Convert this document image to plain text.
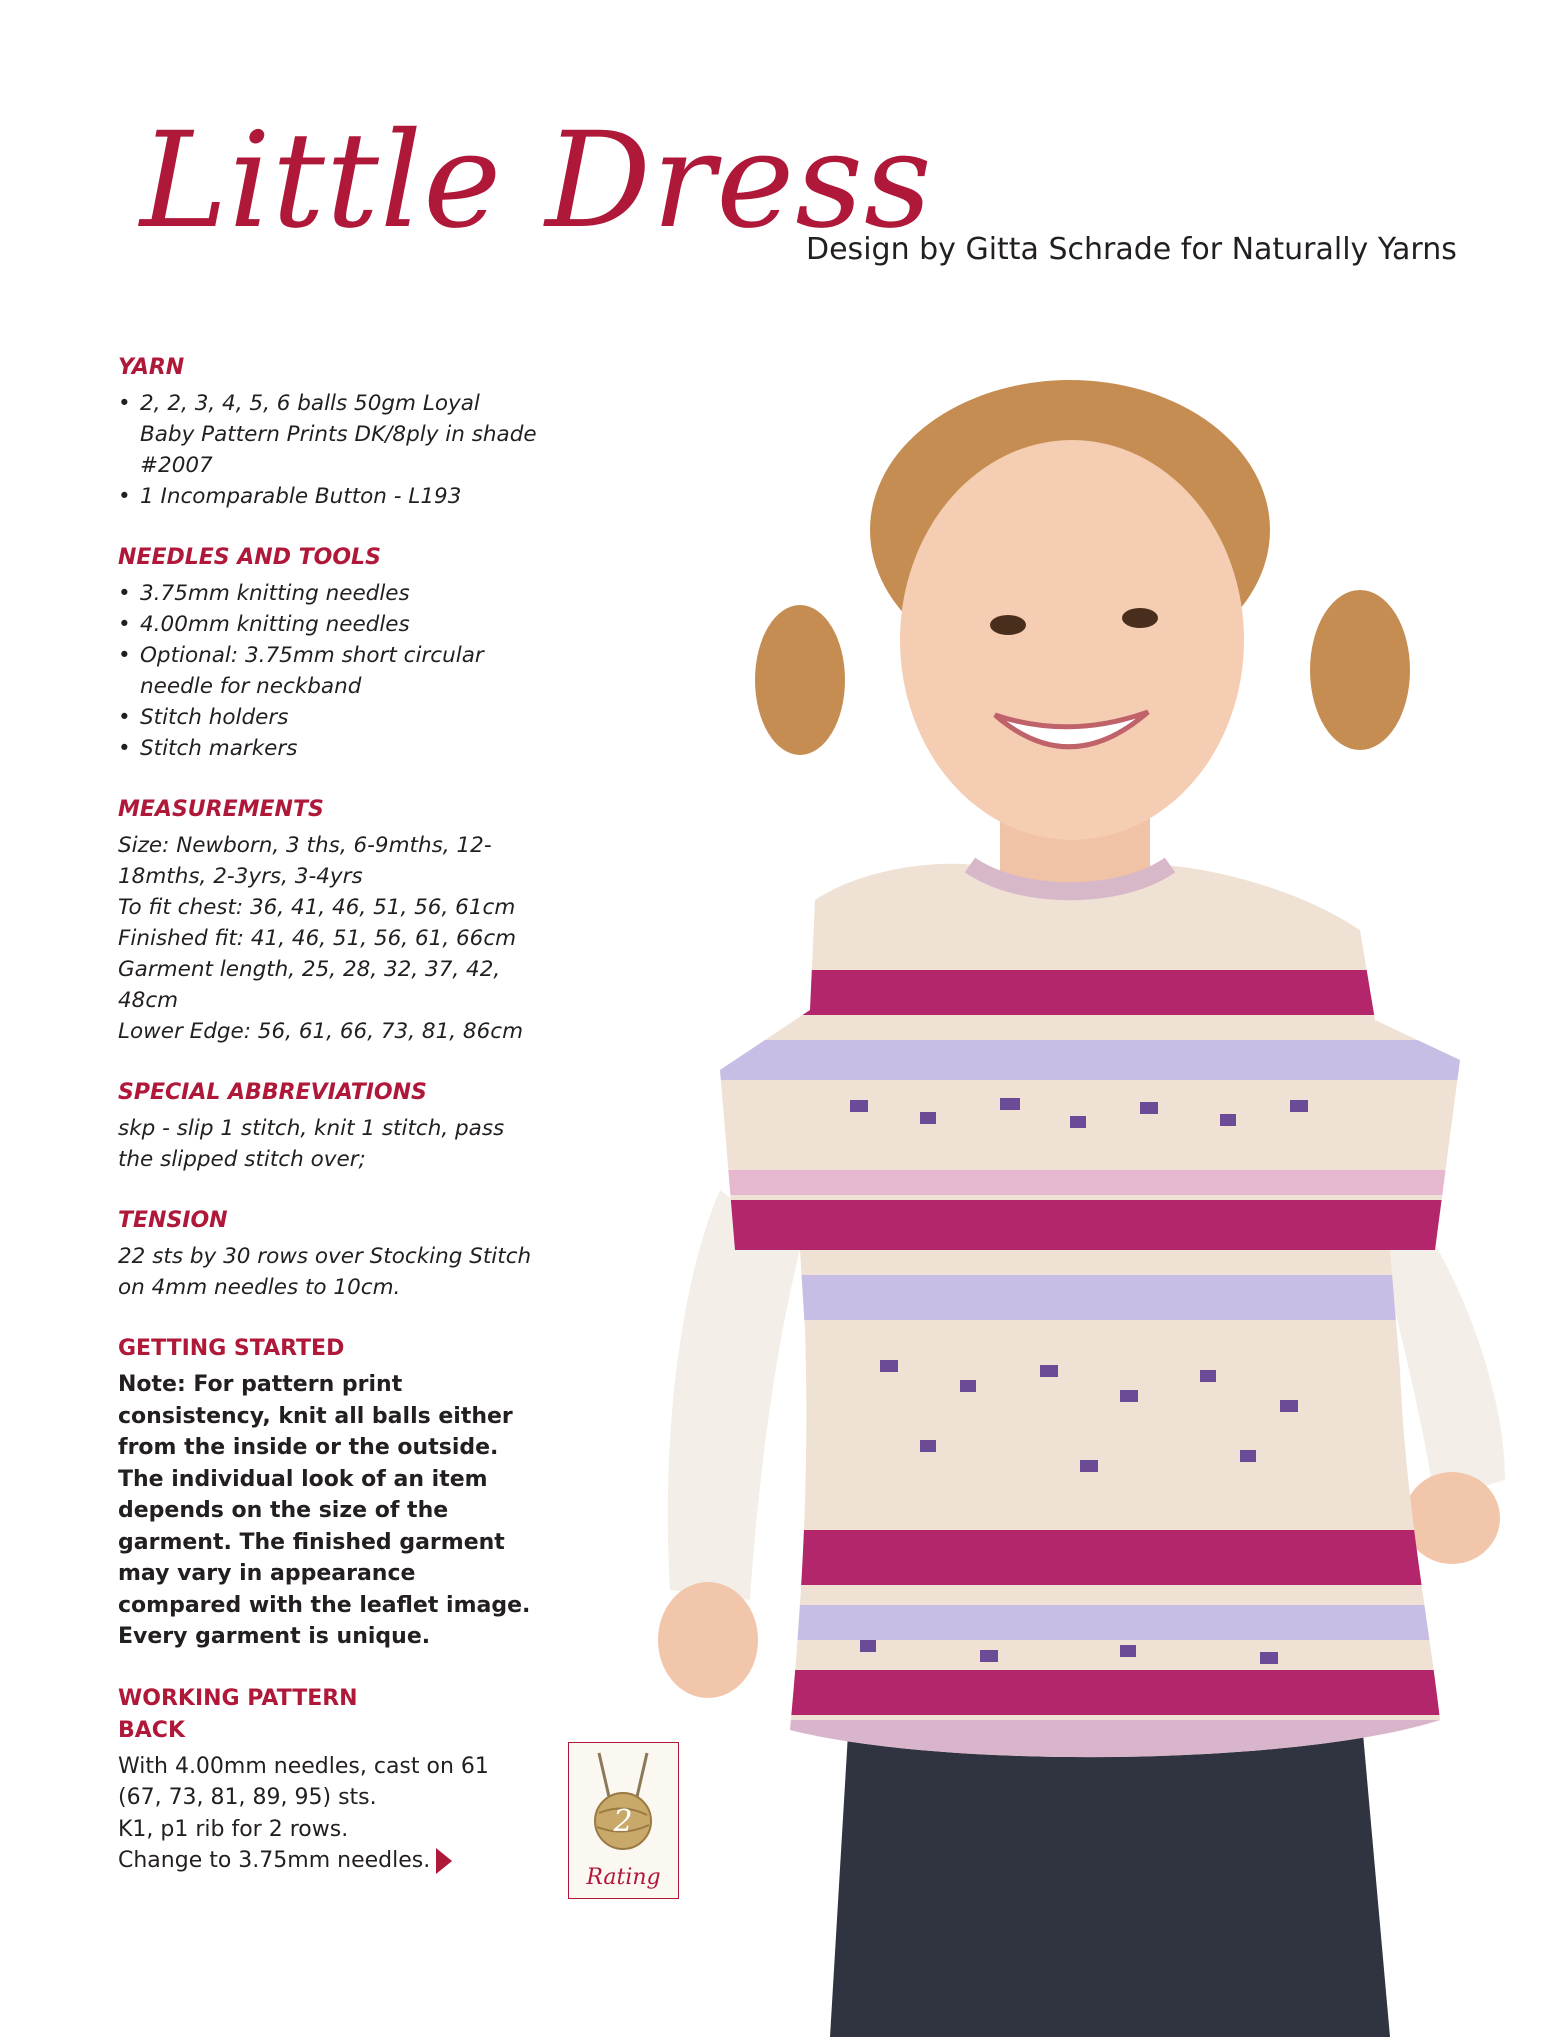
Little Dress
Design by Gitta Schrade for Naturally Yarns
YARN
• 2, 2, 3, 4, 5, 6 balls 50gm Loyal Baby Pattern Prints DK/8ply in shade #2007
• 1 Incomparable Button - L193
NEEDLES AND TOOLS
• 3.75mm knitting needles
• 4.00mm knitting needles
• Optional: 3.75mm short circular needle for neckband
• Stitch holders
• Stitch markers
MEASUREMENTS

Size: Newborn, 3 ths, 6-9mths, 12-18mths, 2-3yrs, 3-4yrs

To fit chest: 36, 41, 46, 51, 56, 61cm

Finished fit: 41, 46, 51, 56, 61, 66cm

Garment length, 25, 28, 32, 37, 42, 48cm

Lower Edge: 56, 61, 66, 73, 81, 86cm

SPECIAL ABBREVIATIONS

skp - slip 1 stitch, knit 1 stitch, pass the slipped stitch over;

TENSION

22 sts by 30 rows over Stocking Stitch on 4mm needles to 10cm.

GETTING STARTED

Note: For pattern print consistency, knit all balls either from the inside or the outside. The individual look of an item depends on the size of the garment. The finished garment may vary in appearance compared with the leaflet image. Every garment is unique.

WORKING PATTERN
BACK

With 4.00mm needles, cast on 61 (67, 73, 81, 89, 95) sts.

K1, p1 rib for 2 rows.

Change to 3.75mm needles.

2
Rating
